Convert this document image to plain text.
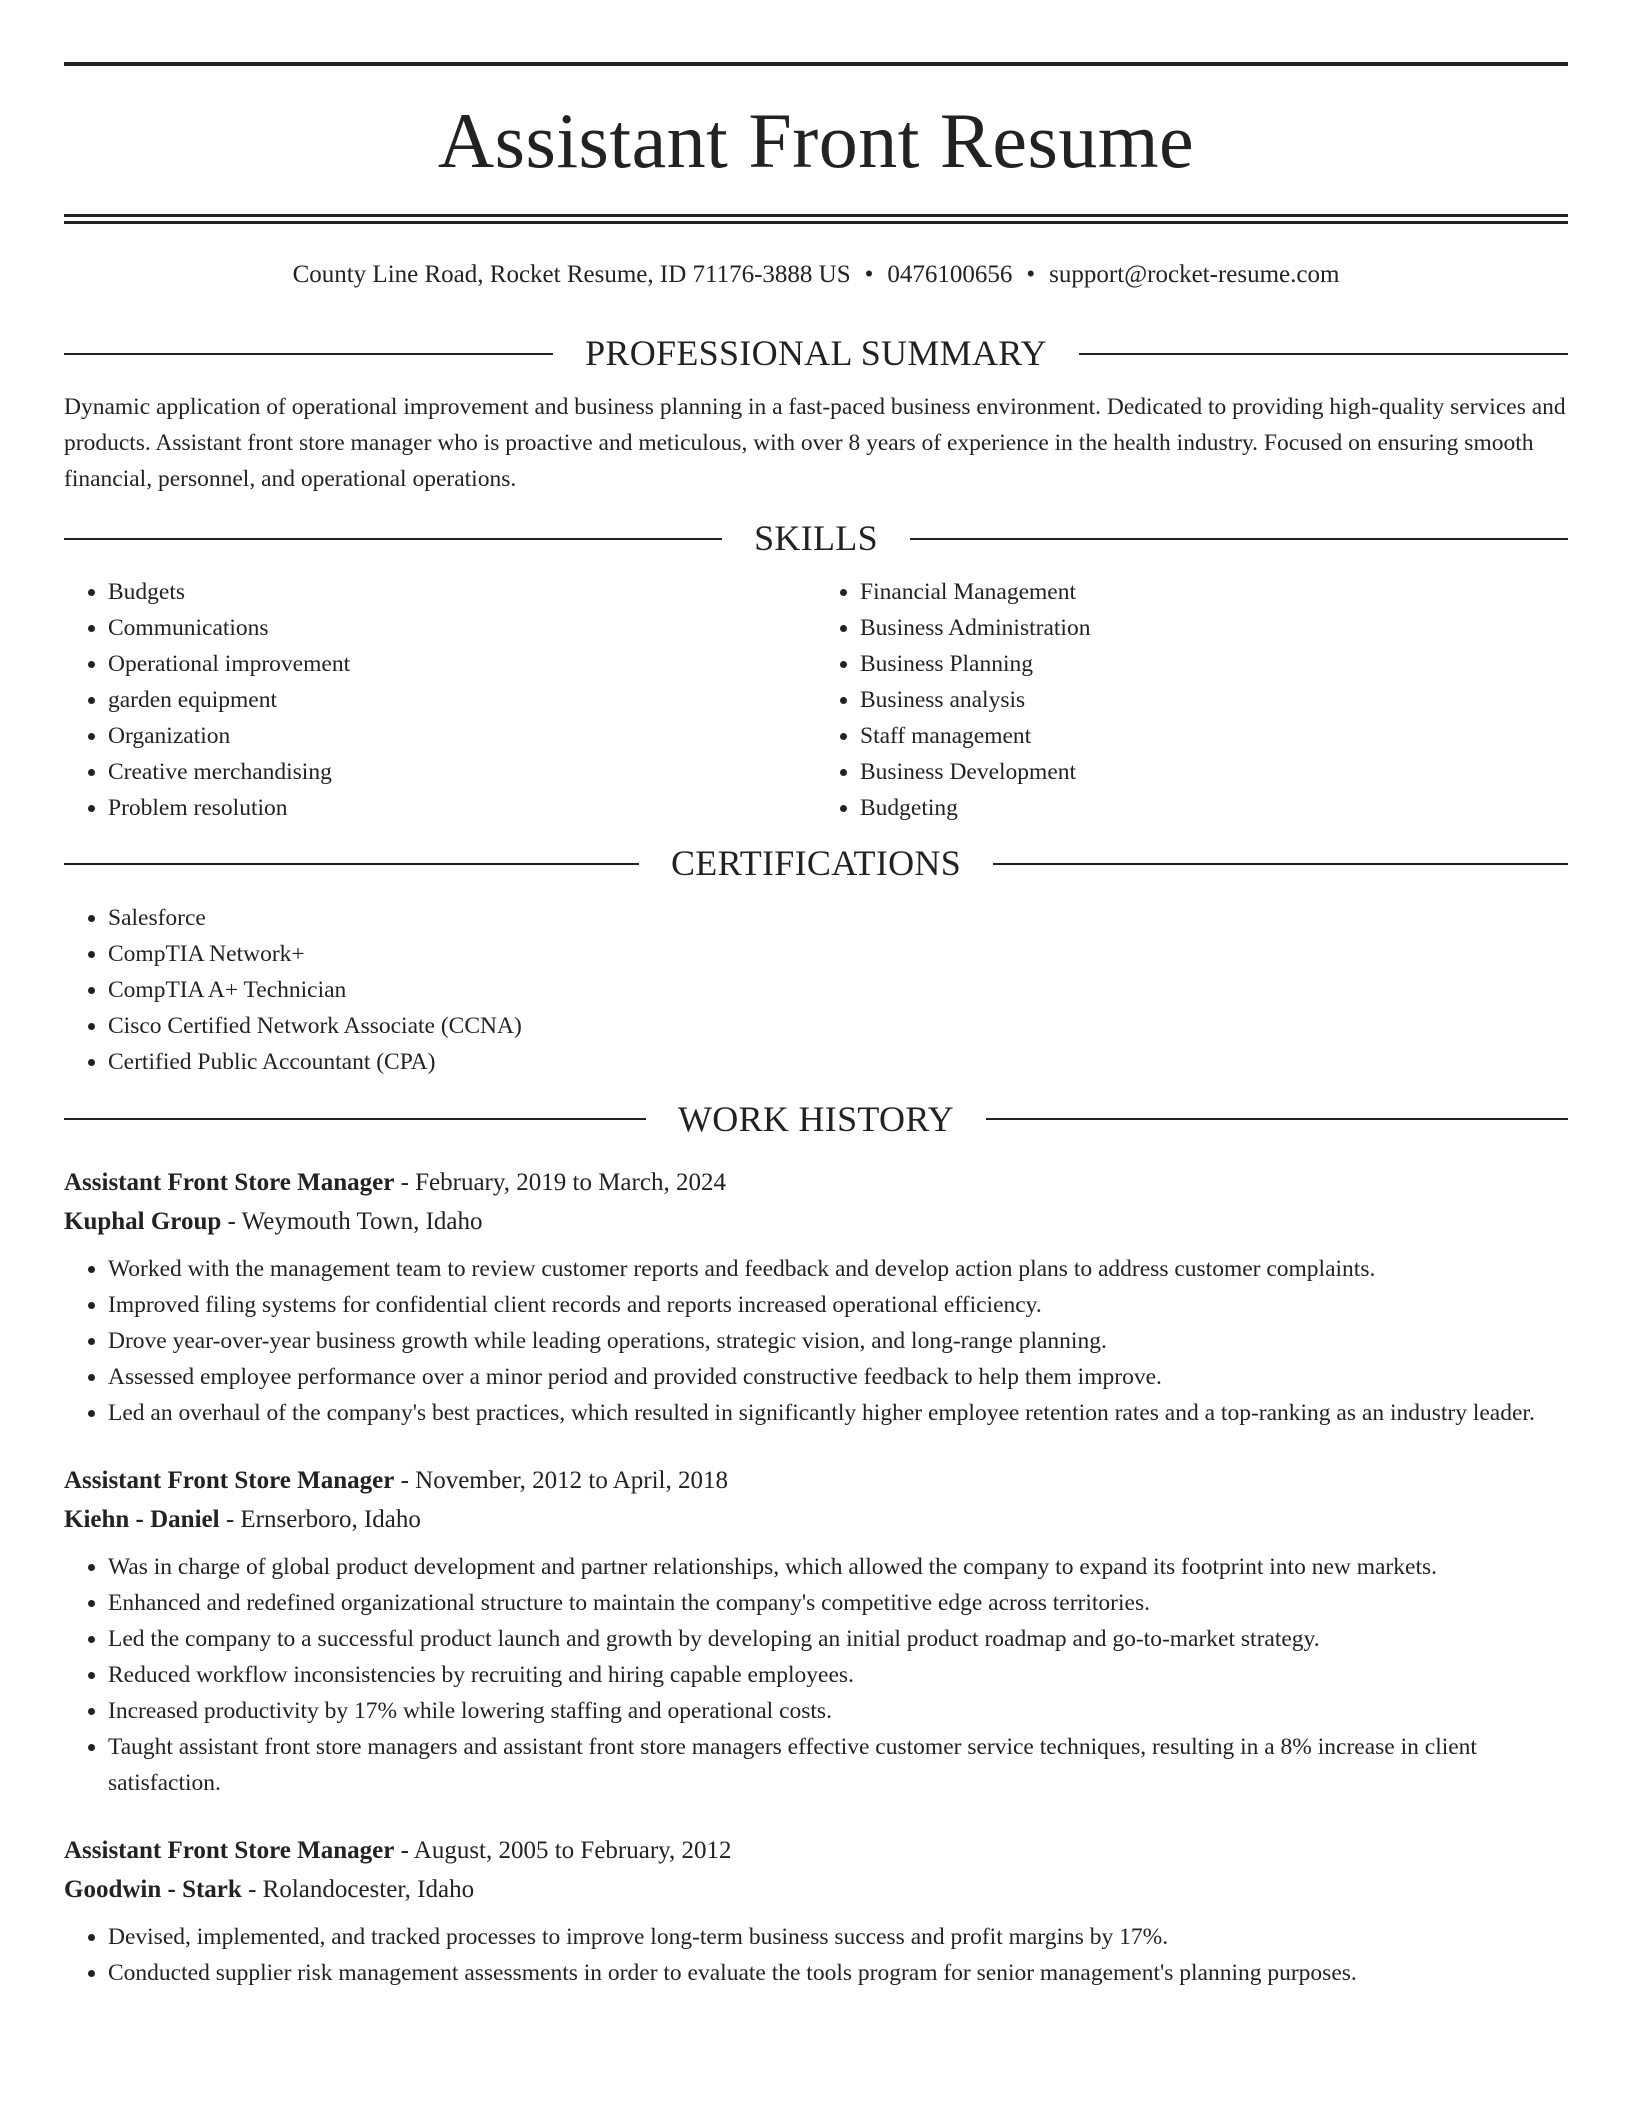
Assistant Front Resume
County Line Road, Rocket Resume, ID 71176-3888 US • 0476100656 • support@rocket-resume.com
PROFESSIONAL SUMMARY

Dynamic application of operational improvement and business planning in a fast-paced business environment. Dedicated to providing high-quality services and products. Assistant front store manager who is proactive and meticulous, with over 8 years of experience in the health industry. Focused on ensuring smooth financial, personnel, and operational operations.

SKILLS
• Budgets
• Communications
• Operational improvement
• garden equipment
• Organization
• Creative merchandising
• Problem resolution
• Financial Management
• Business Administration
• Business Planning
• Business analysis
• Staff management
• Business Development
• Budgeting
CERTIFICATIONS
• Salesforce
• CompTIA Network+
• CompTIA A+ Technician
• Cisco Certified Network Associate (CCNA)
• Certified Public Accountant (CPA)
WORK HISTORY
Assistant Front Store Manager - February, 2019 to March, 2024
Kuphal Group - Weymouth Town, Idaho
• Worked with the management team to review customer reports and feedback and develop action plans to address customer complaints.
• Improved filing systems for confidential client records and reports increased operational efficiency.
• Drove year-over-year business growth while leading operations, strategic vision, and long-range planning.
• Assessed employee performance over a minor period and provided constructive feedback to help them improve.
• Led an overhaul of the company's best practices, which resulted in significantly higher employee retention rates and a top-ranking as an industry leader.
Assistant Front Store Manager - November, 2012 to April, 2018
Kiehn - Daniel - Ernserboro, Idaho
• Was in charge of global product development and partner relationships, which allowed the company to expand its footprint into new markets.
• Enhanced and redefined organizational structure to maintain the company's competitive edge across territories.
• Led the company to a successful product launch and growth by developing an initial product roadmap and go-to-market strategy.
• Reduced workflow inconsistencies by recruiting and hiring capable employees.
• Increased productivity by 17% while lowering staffing and operational costs.
• Taught assistant front store managers and assistant front store managers effective customer service techniques, resulting in a 8% increase in client satisfaction.
Assistant Front Store Manager - August, 2005 to February, 2012
Goodwin - Stark - Rolandocester, Idaho
• Devised, implemented, and tracked processes to improve long-term business success and profit margins by 17%.
• Conducted supplier risk management assessments in order to evaluate the tools program for senior management's planning purposes.
